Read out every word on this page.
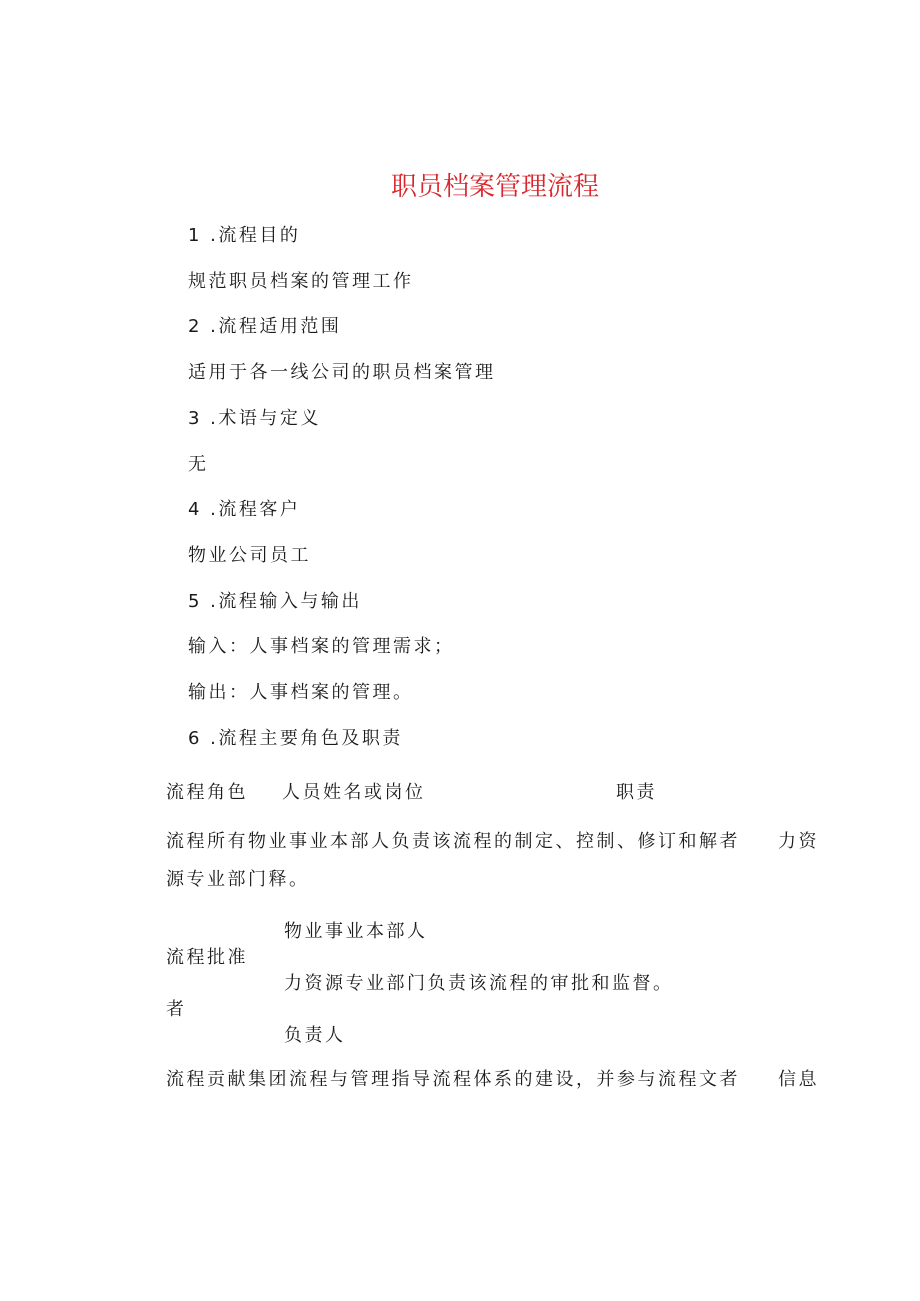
职员档案管理流程
1 .流程目的
规范职员档案的管理工作
2 .流程适用范围
适用于各一线公司的职员档案管理
3 .术语与定义
无
4 .流程客户
物业公司员工
5 .流程输入与输出
输入：人事档案的管理需求；
输出：人事档案的管理。
6 .流程主要角色及职责
流程角色 人员姓名或岗位	职责
流程所有物业事业本部人负责该流程的制定、控制、修订和解者 力资
源专业部门释。
物业事业本部人
流程批准
力资源专业部门负责该流程的审批和监督。
者
负责人
流程贡献集团流程与管理指导流程体系的建设，并参与流程文者 信息
